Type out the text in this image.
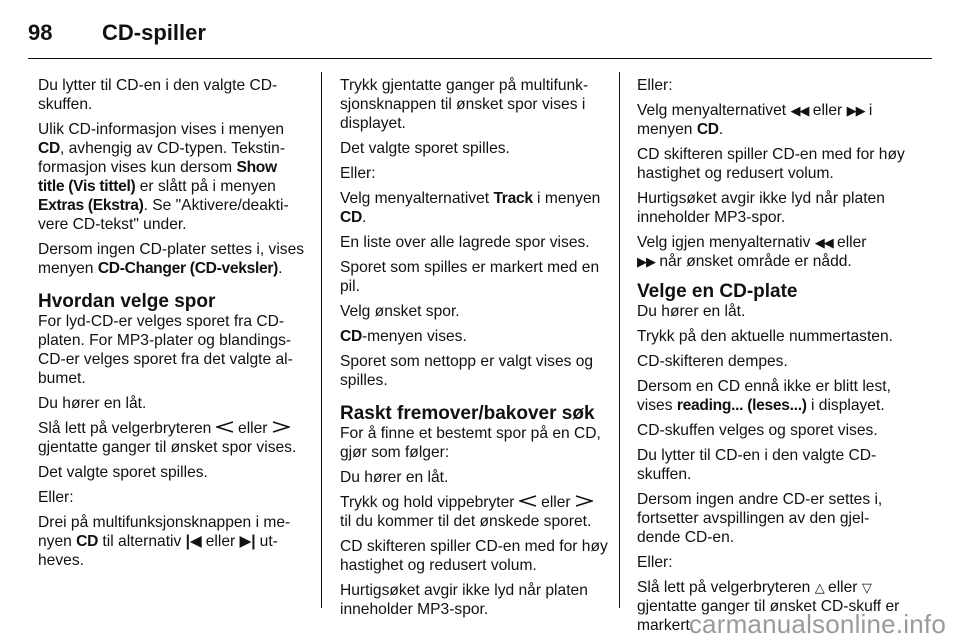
98	CD-spiller

Du lytter til CD-en i den valgte CD-skuffen.

Ulik CD-informasjon vises i menyen CD, avhengig av CD-typen. Tekstinformasjon vises kun dersom Show title (Vis tittel) er slått på i menyen Extras (Ekstra). Se "Aktivere/deaktivere CD-tekst" under.

Dersom ingen CD-plater settes i, vises menyen CD-Changer (CD-veksler).

Hvordan velge spor

For lyd-CD-er velges sporet fra CD-platen. For MP3-plater og blandings-CD-er velges sporet fra det valgte albumet.

Du hører en låt.

Slå lett på velgerbryteren  eller  gjentatte ganger til ønsket spor vises.

Det valgte sporet spilles.

Eller:

Drei på multifunksjonsknappen i menyen CD til alternativ |◀ eller ▶| utheves.

Trykk gjentatte ganger på multifunksjonsknappen til ønsket spor vises i displayet.

Det valgte sporet spilles.

Eller:

Velg menyalternativet Track i menyen CD.

En liste over alle lagrede spor vises.

Sporet som spilles er markert med en pil.

Velg ønsket spor.

CD-menyen vises.

Sporet som nettopp er valgt vises og spilles.

Raskt fremover/bakover søk

For å finne et bestemt spor på en CD, gjør som følger:

Du hører en låt.

Trykk og hold vippebryter  eller  til du kommer til det ønskede sporet.

CD skifteren spiller CD-en med for høy hastighet og redusert volum.

Hurtigsøket avgir ikke lyd når platen inneholder MP3-spor.

Eller:

Velg menyalternativet ◀◀ eller ▶▶ i menyen CD.

CD skifteren spiller CD-en med for høy hastighet og redusert volum.

Hurtigsøket avgir ikke lyd når platen inneholder MP3-spor.

Velg igjen menyalternativ ◀◀ eller
▶▶ når ønsket område er nådd.

Velge en CD-plate

Du hører en låt.

Trykk på den aktuelle nummertasten.

CD-skifteren dempes.

Dersom en CD ennå ikke er blitt lest, vises reading... (leses...) i displayet.

CD-skuffen velges og sporet vises.

Du lytter til CD-en i den valgte CD-skuffen.

Dersom ingen andre CD-er settes i, fortsetter avspillingen av den gjeldende CD-en.

Eller:

Slå lett på velgerbryteren △ eller ▽ gjentatte ganger til ønsket CD-skuff er markert.

carmanualsonline.info
